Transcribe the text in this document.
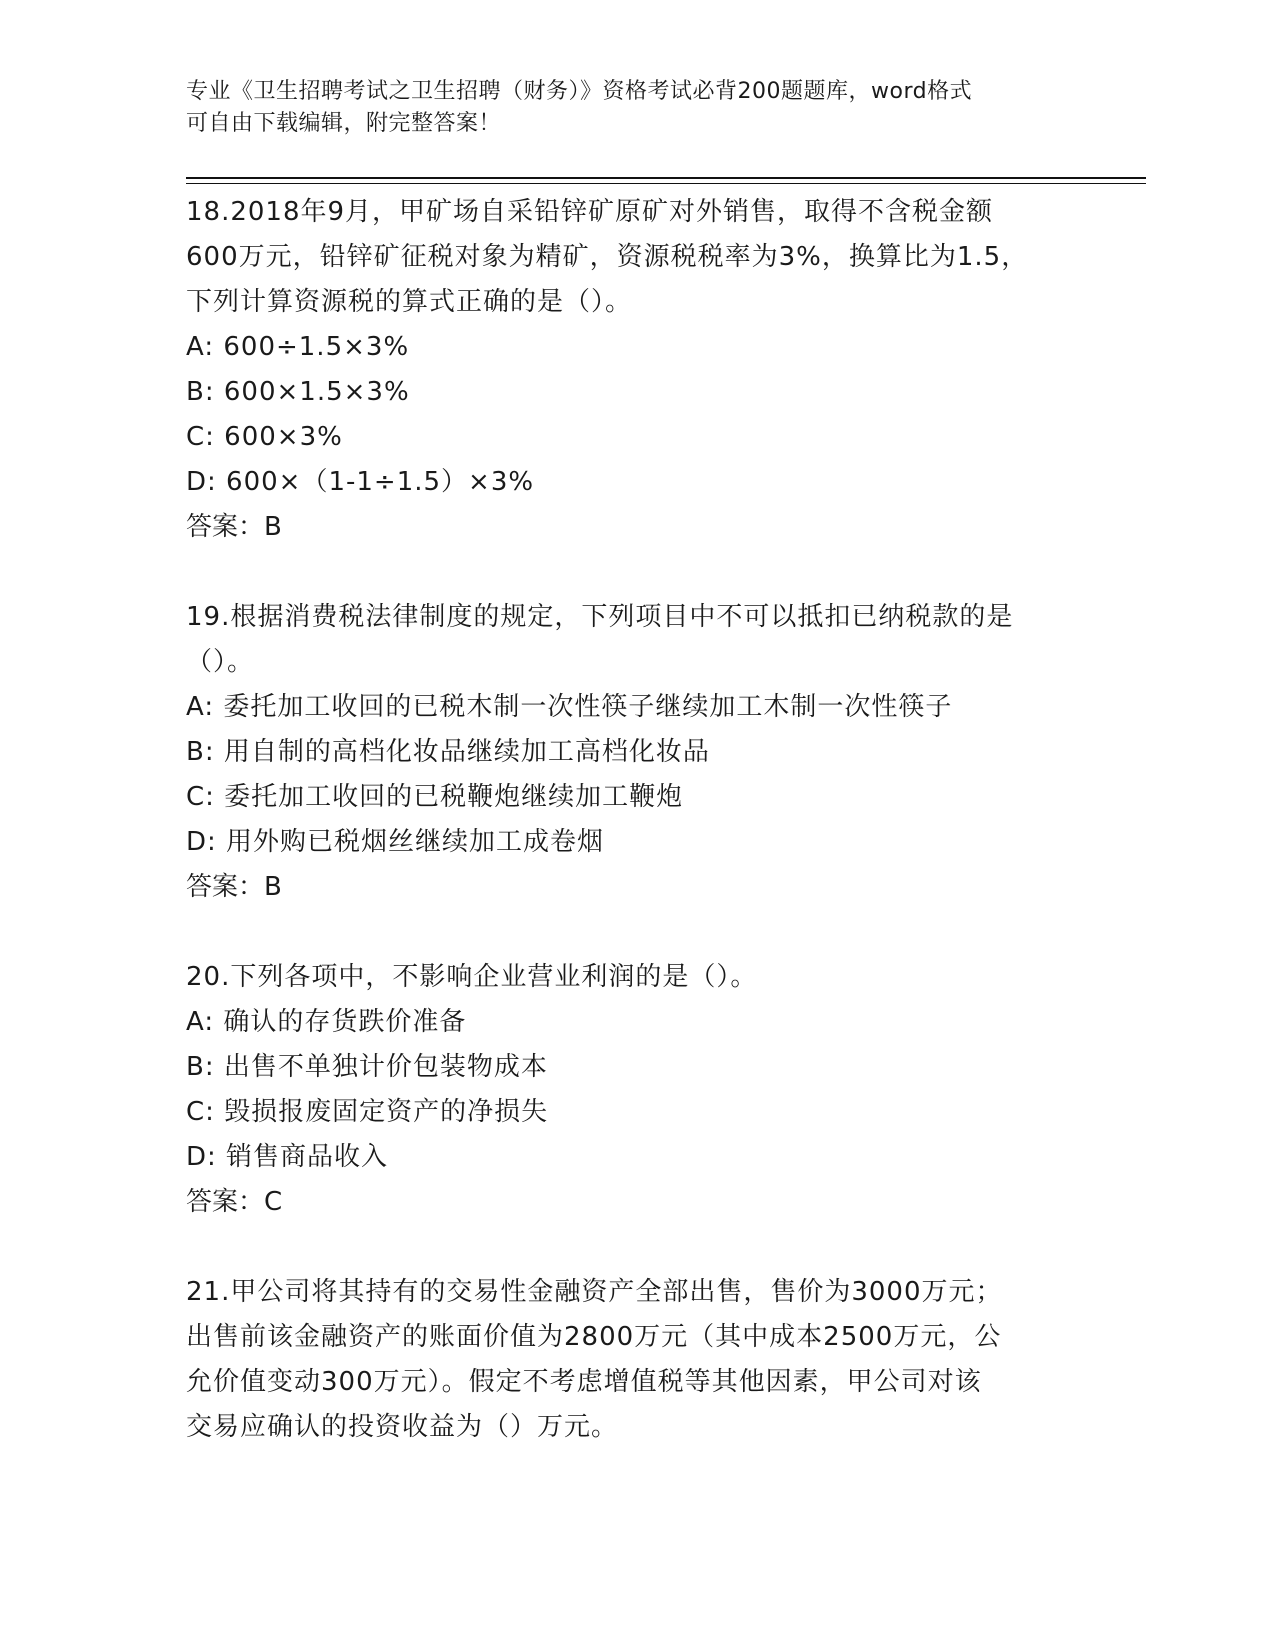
专业《卫生招聘考试之卫生招聘（财务）》资格考试必背200题题库，word格式
可自由下载编辑，附完整答案！

18.2018年9月，甲矿场自采铅锌矿原矿对外销售，取得不含税金额

600万元，铅锌矿征税对象为精矿，资源税税率为3%，换算比为1.5，

下列计算资源税的算式正确的是（）。

A: 600÷1.5×3%

B: 600×1.5×3%

C: 600×3%

D: 600×（1-1÷1.5）×3%

答案：B

19.根据消费税法律制度的规定，下列项目中不可以抵扣已纳税款的是

（）。

A: 委托加工收回的已税木制一次性筷子继续加工木制一次性筷子

B: 用自制的高档化妆品继续加工高档化妆品

C: 委托加工收回的已税鞭炮继续加工鞭炮

D: 用外购已税烟丝继续加工成卷烟

答案：B

20.下列各项中，不影响企业营业利润的是（）。

A: 确认的存货跌价准备

B: 出售不单独计价包装物成本

C: 毁损报废固定资产的净损失

D: 销售商品收入

答案：C

21.甲公司将其持有的交易性金融资产全部出售，售价为3000万元；

出售前该金融资产的账面价值为2800万元（其中成本2500万元，公

允价值变动300万元）。假定不考虑增值税等其他因素，甲公司对该

交易应确认的投资收益为（）万元。
